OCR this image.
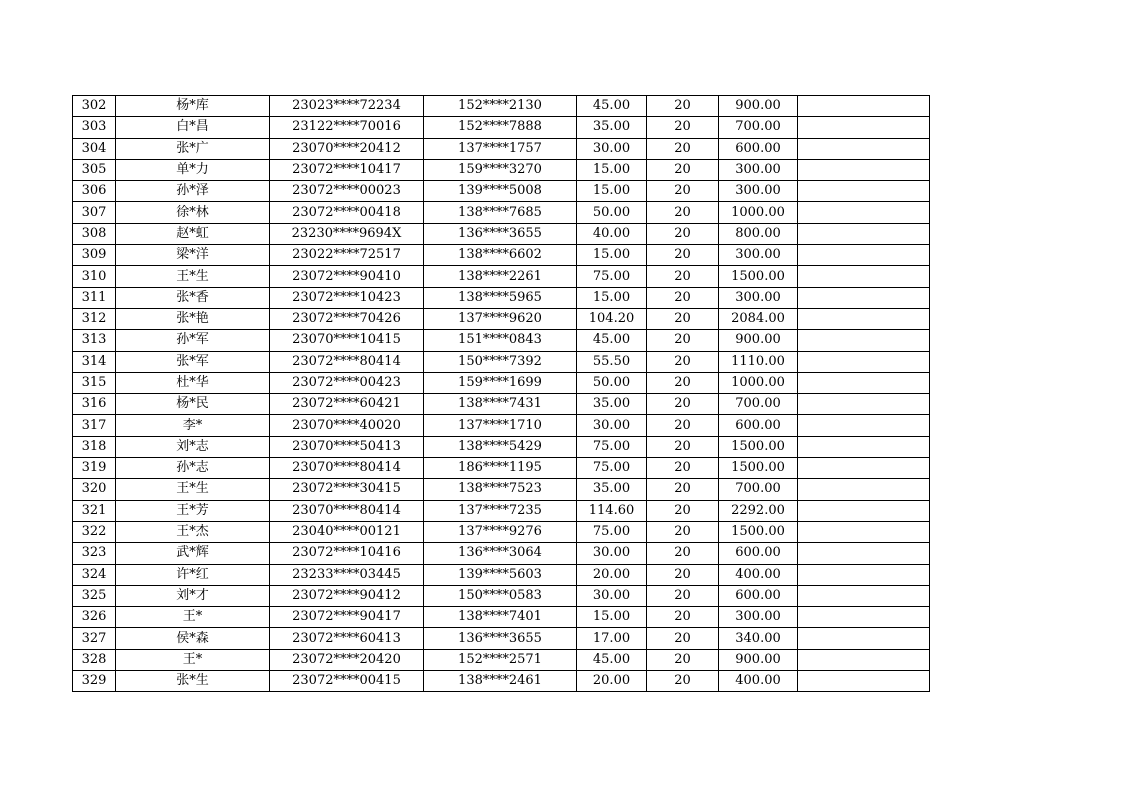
302	杨*库	23023****72234	152****2130	45.00	20	900.00	
303	白*昌	23122****70016	152****7888	35.00	20	700.00	
304	张*广	23070****20412	137****1757	30.00	20	600.00	
305	单*力	23072****10417	159****3270	15.00	20	300.00	
306	孙*泽	23072****00023	139****5008	15.00	20	300.00	
307	徐*林	23072****00418	138****7685	50.00	20	1000.00	
308	赵*虹	23230****9694X	136****3655	40.00	20	800.00	
309	梁*洋	23022****72517	138****6602	15.00	20	300.00	
310	王*生	23072****90410	138****2261	75.00	20	1500.00	
311	张*香	23072****10423	138****5965	15.00	20	300.00	
312	张*艳	23072****70426	137****9620	104.20	20	2084.00	
313	孙*军	23070****10415	151****0843	45.00	20	900.00	
314	张*军	23072****80414	150****7392	55.50	20	1110.00	
315	杜*华	23072****00423	159****1699	50.00	20	1000.00	
316	杨*民	23072****60421	138****7431	35.00	20	700.00	
317	李*	23070****40020	137****1710	30.00	20	600.00	
318	刘*志	23070****50413	138****5429	75.00	20	1500.00	
319	孙*志	23070****80414	186****1195	75.00	20	1500.00	
320	王*生	23072****30415	138****7523	35.00	20	700.00	
321	王*芳	23070****80414	137****7235	114.60	20	2292.00	
322	王*杰	23040****00121	137****9276	75.00	20	1500.00	
323	武*辉	23072****10416	136****3064	30.00	20	600.00	
324	许*红	23233****03445	139****5603	20.00	20	400.00	
325	刘*才	23072****90412	150****0583	30.00	20	600.00	
326	王*	23072****90417	138****7401	15.00	20	300.00	
327	侯*森	23072****60413	136****3655	17.00	20	340.00	
328	王*	23072****20420	152****2571	45.00	20	900.00	
329	张*生	23072****00415	138****2461	20.00	20	400.00	
